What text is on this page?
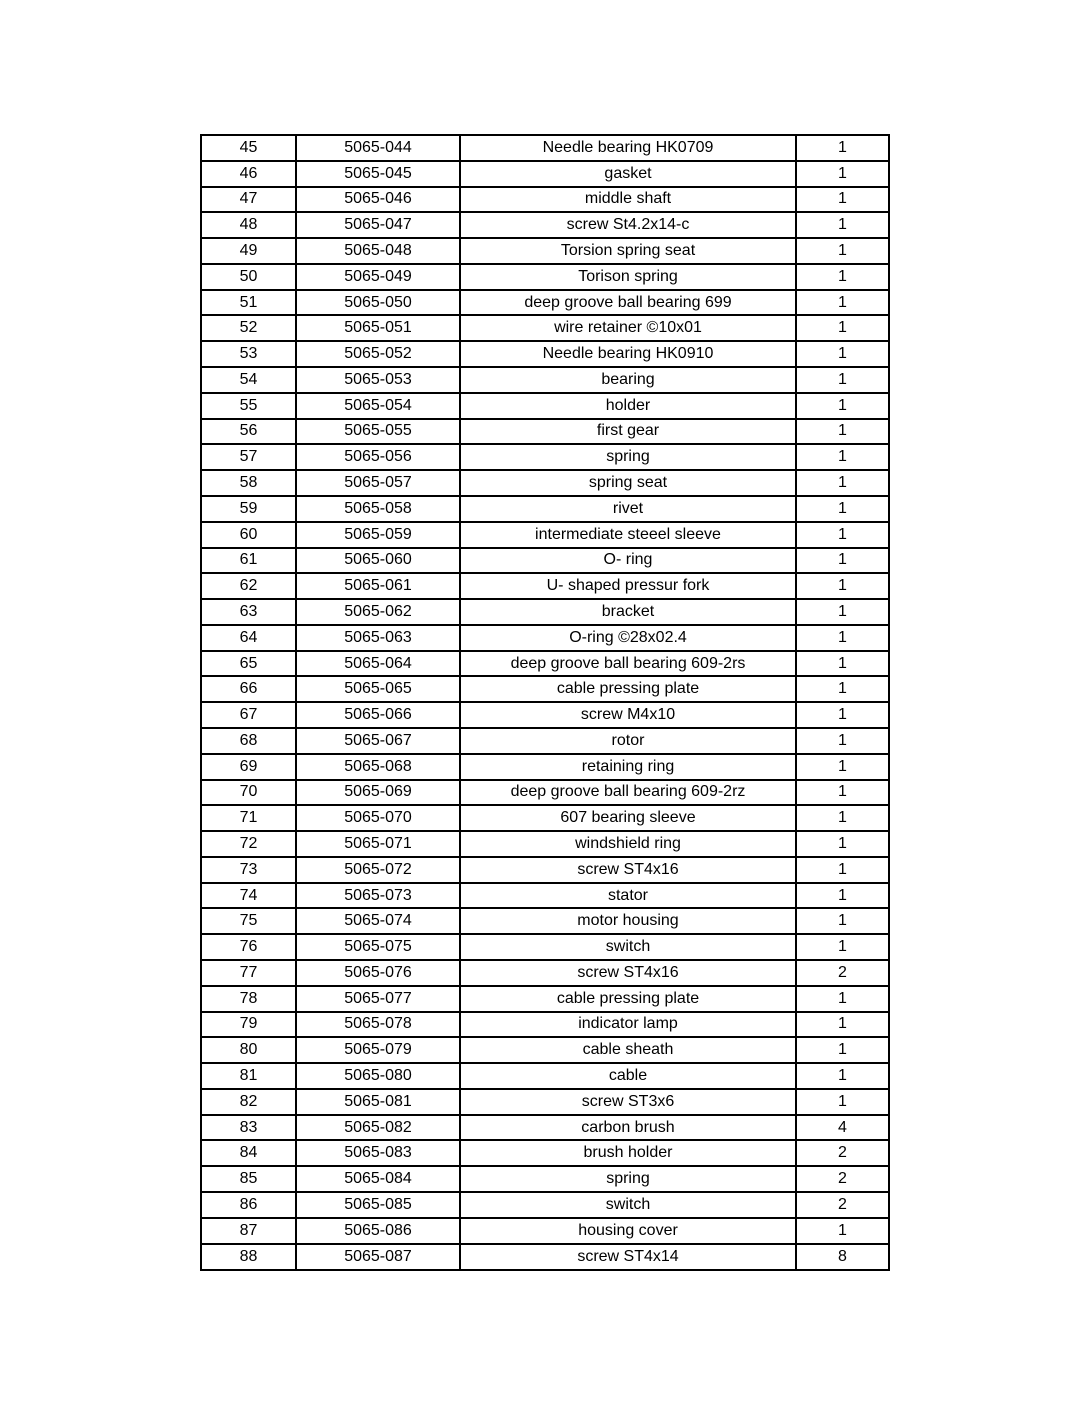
45	5065-044	Needle bearing HK0709	1
46	5065-045	gasket	1
47	5065-046	middle shaft	1
48	5065-047	screw St4.2x14-c	1
49	5065-048	Torsion spring seat	1
50	5065-049	Torison spring	1
51	5065-050	deep groove ball bearing 699	1
52	5065-051	wire retainer ©10x01	1
53	5065-052	Needle bearing HK0910	1
54	5065-053	bearing	1
55	5065-054	holder	1
56	5065-055	first gear	1
57	5065-056	spring	1
58	5065-057	spring seat	1
59	5065-058	rivet	1
60	5065-059	intermediate steeel sleeve	1
61	5065-060	O- ring	1
62	5065-061	U- shaped pressur fork	1
63	5065-062	bracket	1
64	5065-063	O-ring ©28x02.4	1
65	5065-064	deep groove ball bearing 609-2rs	1
66	5065-065	cable pressing plate	1
67	5065-066	screw M4x10	1
68	5065-067	rotor	1
69	5065-068	retaining ring	1
70	5065-069	deep groove ball bearing 609-2rz	1
71	5065-070	607 bearing sleeve	1
72	5065-071	windshield ring	1
73	5065-072	screw ST4x16	1
74	5065-073	stator	1
75	5065-074	motor housing	1
76	5065-075	switch	1
77	5065-076	screw ST4x16	2
78	5065-077	cable pressing plate	1
79	5065-078	indicator lamp	1
80	5065-079	cable sheath	1
81	5065-080	cable	1
82	5065-081	screw ST3x6	1
83	5065-082	carbon brush	4
84	5065-083	brush holder	2
85	5065-084	spring	2
86	5065-085	switch	2
87	5065-086	housing cover	1
88	5065-087	screw ST4x14	8
